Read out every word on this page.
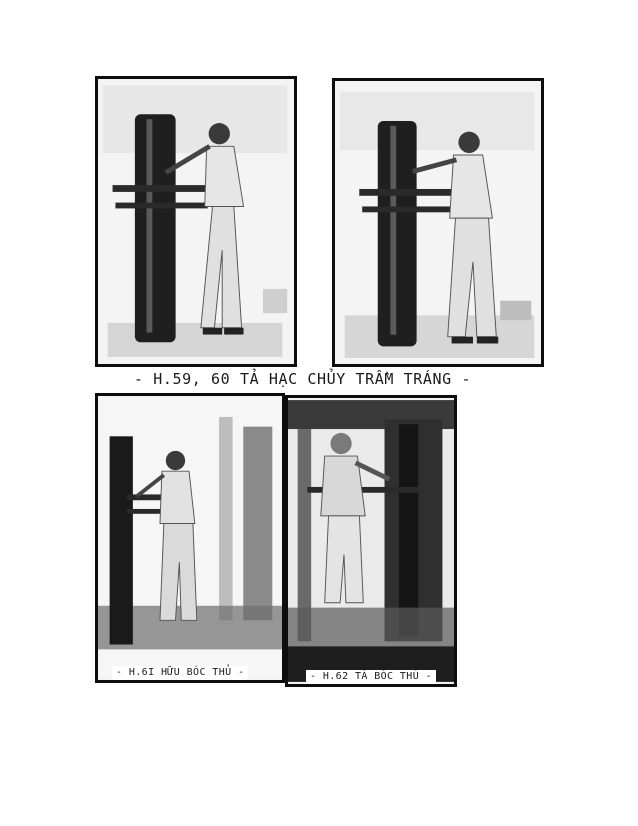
- H.59, 60 TẢ HẠC CHỦY TRẦM TRÁNG -
- H.6I HỮU BÓC THỦ -	- H.62 TẢ BÓC THỦ -
